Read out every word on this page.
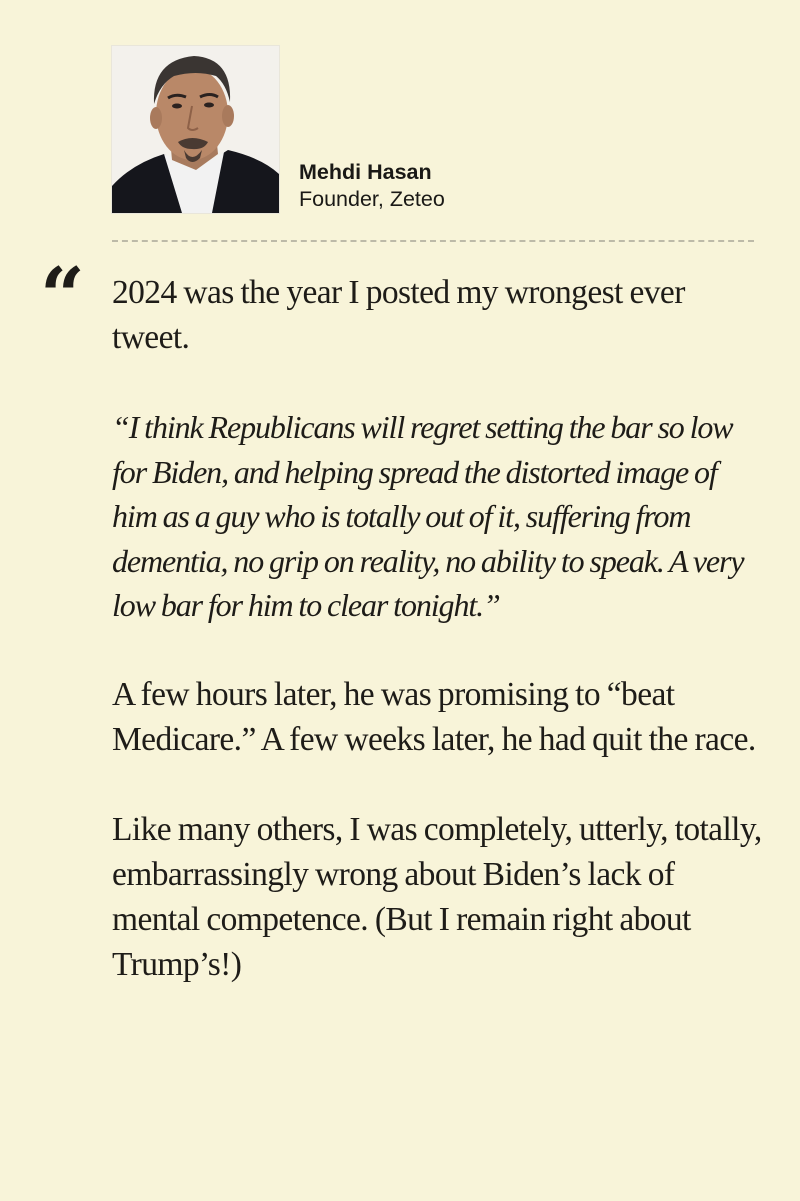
Mehdi Hasan
Founder, Zeteo
“ 2024 was the year I posted my wrongest ever tweet.

“I think Republicans will regret setting the bar so low for Biden, and helping spread the distorted image of him as a guy who is totally out of it, suffering from dementia, no grip on reality, no ability to speak. A very low bar for him to clear tonight.”

A few hours later, he was promising to “beat Medicare.” A few weeks later, he had quit the race.

Like many others, I was completely, utterly, totally, embarrassingly wrong about Biden’s lack of mental competence. (But I remain right about Trump’s!)
